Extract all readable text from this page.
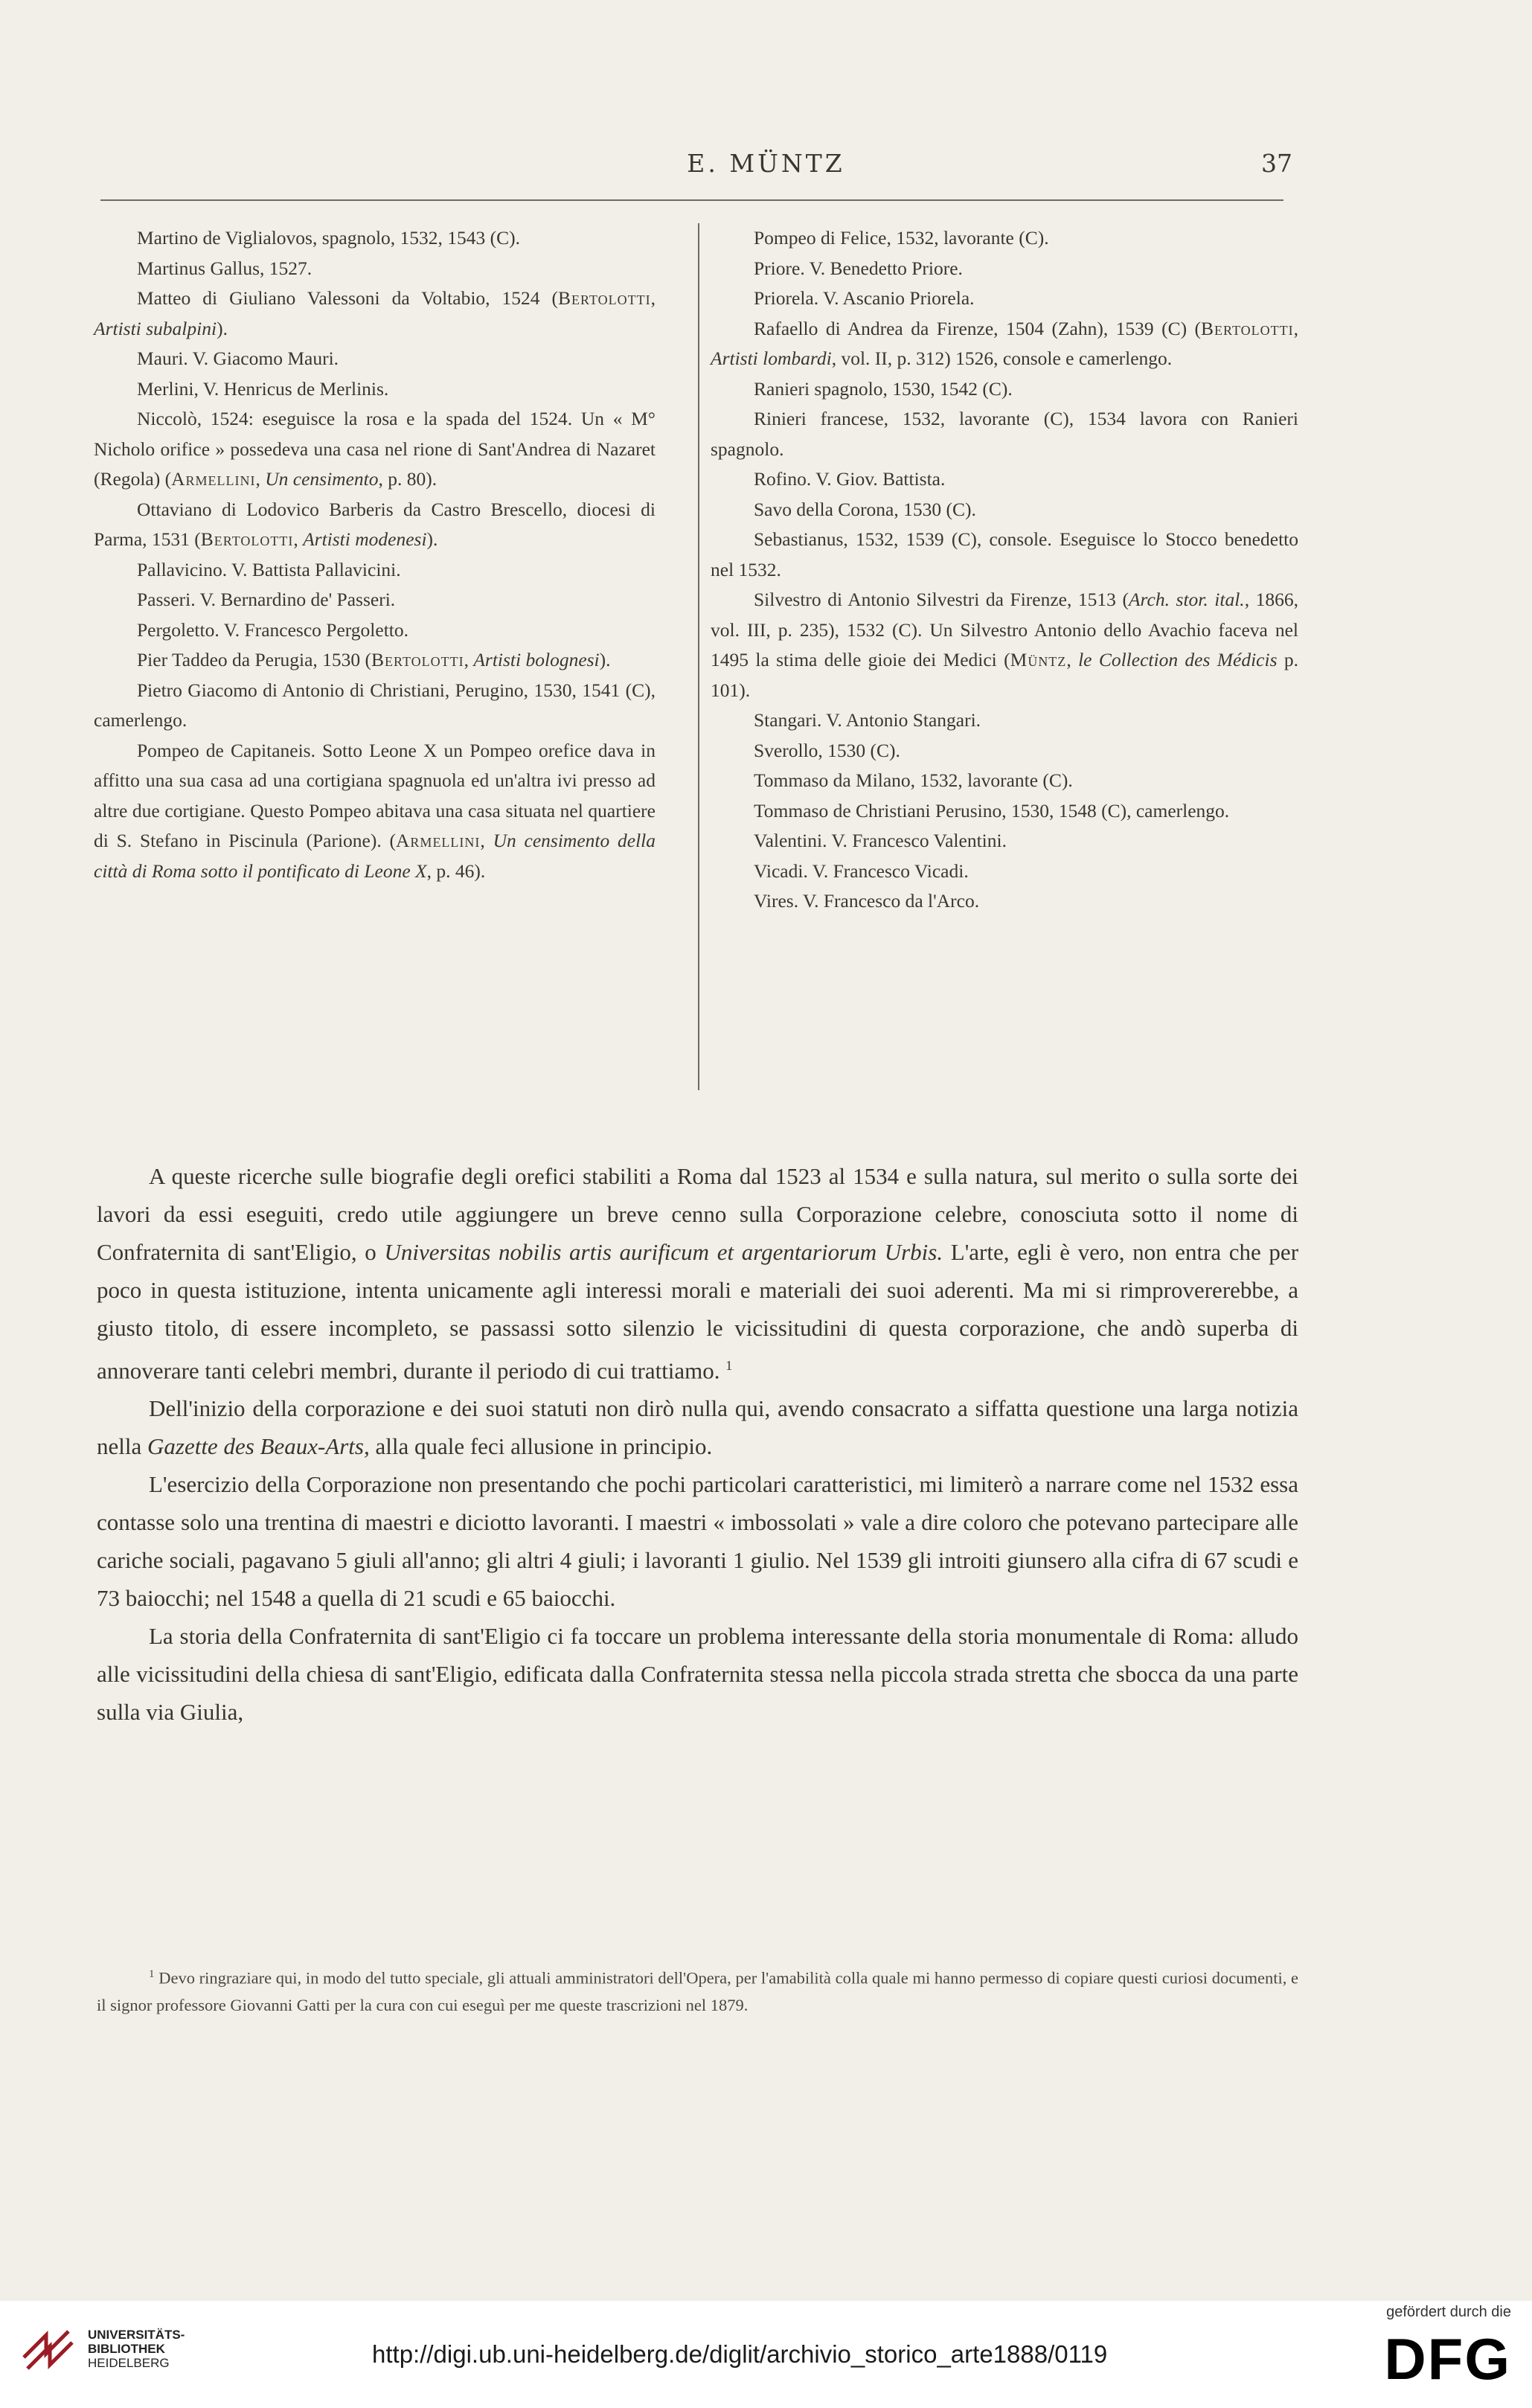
E. MÜNTZ	37

Martino de Viglialovos, spagnolo, 1532, 1543 (C).

Martinus Gallus, 1527.

Matteo di Giuliano Valessoni da Voltabio, 1524 (Bertolotti, Artisti subalpini).

Mauri. V. Giacomo Mauri.

Merlini, V. Henricus de Merlinis.

Niccolò, 1524: eseguisce la rosa e la spada del 1524. Un « M° Nicholo orifice » possedeva una casa nel rione di Sant'Andrea di Nazaret (Regola) (Armellini, Un censimento, p. 80).

Ottaviano di Lodovico Barberis da Castro Brescello, diocesi di Parma, 1531 (Bertolotti, Artisti modenesi).

Pallavicino. V. Battista Pallavicini.

Passeri. V. Bernardino de' Passeri.

Pergoletto. V. Francesco Pergoletto.

Pier Taddeo da Perugia, 1530 (Bertolotti, Artisti bolognesi).

Pietro Giacomo di Antonio di Christiani, Perugino, 1530, 1541 (C), camerlengo.

Pompeo de Capitaneis. Sotto Leone X un Pompeo orefice dava in affitto una sua casa ad una cortigiana spagnuola ed un'altra ivi presso ad altre due cortigiane. Questo Pompeo abitava una casa situata nel quartiere di S. Stefano in Piscinula (Parione). (Armellini, Un censimento della città di Roma sotto il pontificato di Leone X, p. 46).

Pompeo di Felice, 1532, lavorante (C).

Priore. V. Benedetto Priore.

Priorela. V. Ascanio Priorela.

Rafaello di Andrea da Firenze, 1504 (Zahn), 1539 (C) (Bertolotti, Artisti lombardi, vol. II, p. 312) 1526, console e camerlengo.

Ranieri spagnolo, 1530, 1542 (C).

Rinieri francese, 1532, lavorante (C), 1534 lavora con Ranieri spagnolo.

Rofino. V. Giov. Battista.

Savo della Corona, 1530 (C).

Sebastianus, 1532, 1539 (C), console. Eseguisce lo Stocco benedetto nel 1532.

Silvestro di Antonio Silvestri da Firenze, 1513 (Arch. stor. ital., 1866, vol. III, p. 235), 1532 (C). Un Silvestro Antonio dello Avachio faceva nel 1495 la stima delle gioie dei Medici (Müntz, le Collection des Médicis p. 101).

Stangari. V. Antonio Stangari.

Sverollo, 1530 (C).

Tommaso da Milano, 1532, lavorante (C).

Tommaso de Christiani Perusino, 1530, 1548 (C), camerlengo.

Valentini. V. Francesco Valentini.

Vicadi. V. Francesco Vicadi.

Vires. V. Francesco da l'Arco.

A queste ricerche sulle biografie degli orefici stabiliti a Roma dal 1523 al 1534 e sulla natura, sul merito o sulla sorte dei lavori da essi eseguiti, credo utile aggiungere un breve cenno sulla Corporazione celebre, conosciuta sotto il nome di Confraternita di sant'Eligio, o Universitas nobilis artis aurificum et argentariorum Urbis. L'arte, egli è vero, non entra che per poco in questa istituzione, intenta unicamente agli interessi morali e materiali dei suoi aderenti. Ma mi si rimprovererebbe, a giusto titolo, di essere incompleto, se passassi sotto silenzio le vicissitudini di questa corporazione, che andò superba di annoverare tanti celebri membri, durante il periodo di cui trattiamo. $^1$

Dell'inizio della corporazione e dei suoi statuti non dirò nulla qui, avendo consacrato a siffatta questione una larga notizia nella Gazette des Beaux-Arts, alla quale feci allusione in principio.

L'esercizio della Corporazione non presentando che pochi particolari caratteristici, mi limiterò a narrare come nel 1532 essa contasse solo una trentina di maestri e diciotto lavoranti. I maestri « imbossolati » vale a dire coloro che potevano partecipare alle cariche sociali, pagavano 5 giuli all'anno; gli altri 4 giuli; i lavoranti 1 giulio. Nel 1539 gli introiti giunsero alla cifra di 67 scudi e 73 baiocchi; nel 1548 a quella di 21 scudi e 65 baiocchi.

La storia della Confraternita di sant'Eligio ci fa toccare un problema interessante della storia monumentale di Roma: alludo alle vicissitudini della chiesa di sant'Eligio, edificata dalla Confraternita stessa nella piccola strada stretta che sbocca da una parte sulla via Giulia,

$^1$ Devo ringraziare qui, in modo del tutto speciale, gli attuali amministratori dell'Opera, per l'amabilità colla quale mi hanno permesso di copiare questi curiosi documenti, e il signor professore Giovanni Gatti per la cura con cui eseguì per me queste trascrizioni nel 1879.
UNIVERSITÄTS-
BIBLIOTHEK
HEIDELBERG	http://digi.ub.uni-heidelberg.de/diglit/archivio_storico_arte1888/0119
gefördert durch die
DFG
